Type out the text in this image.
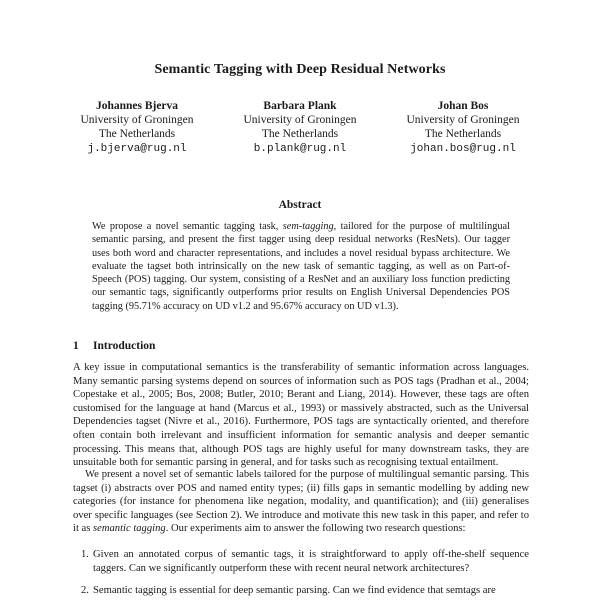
Semantic Tagging with Deep Residual Networks
Johannes Bjerva
University of Groningen
The Netherlands
j.bjerva@rug.nl
Barbara Plank
University of Groningen
The Netherlands
b.plank@rug.nl
Johan Bos
University of Groningen
The Netherlands
johan.bos@rug.nl
Abstract
We propose a novel semantic tagging task, sem-tagging, tailored for the purpose of multilingual semantic parsing, and present the first tagger using deep residual networks (ResNets). Our tagger uses both word and character representations, and includes a novel residual bypass architecture. We evaluate the tagset both intrinsically on the new task of semantic tagging, as well as on Part-of-Speech (POS) tagging. Our system, consisting of a ResNet and an auxiliary loss function predicting our semantic tags, significantly outperforms prior results on English Universal Dependencies POS tagging (95.71% accuracy on UD v1.2 and 95.67% accuracy on UD v1.3).
1 Introduction
A key issue in computational semantics is the transferability of semantic information across languages. Many semantic parsing systems depend on sources of information such as POS tags (Pradhan et al., 2004; Copestake et al., 2005; Bos, 2008; Butler, 2010; Berant and Liang, 2014). However, these tags are often customised for the language at hand (Marcus et al., 1993) or massively abstracted, such as the Universal Dependencies tagset (Nivre et al., 2016). Furthermore, POS tags are syntactically oriented, and therefore often contain both irrelevant and insufficient information for semantic analysis and deeper semantic processing. This means that, although POS tags are highly useful for many downstream tasks, they are unsuitable both for semantic parsing in general, and for tasks such as recognising textual entailment.
We present a novel set of semantic labels tailored for the purpose of multilingual semantic parsing. This tagset (i) abstracts over POS and named entity types; (ii) fills gaps in semantic modelling by adding new categories (for instance for phenomena like negation, modality, and quantification); and (iii) generalises over specific languages (see Section 2). We introduce and motivate this new task in this paper, and refer to it as semantic tagging. Our experiments aim to answer the following two research questions:
1. Given an annotated corpus of semantic tags, it is straightforward to apply off-the-shelf sequence taggers. Can we significantly outperform these with recent neural network architectures?
2. Semantic tagging is essential for deep semantic parsing. Can we find evidence that semtags are
